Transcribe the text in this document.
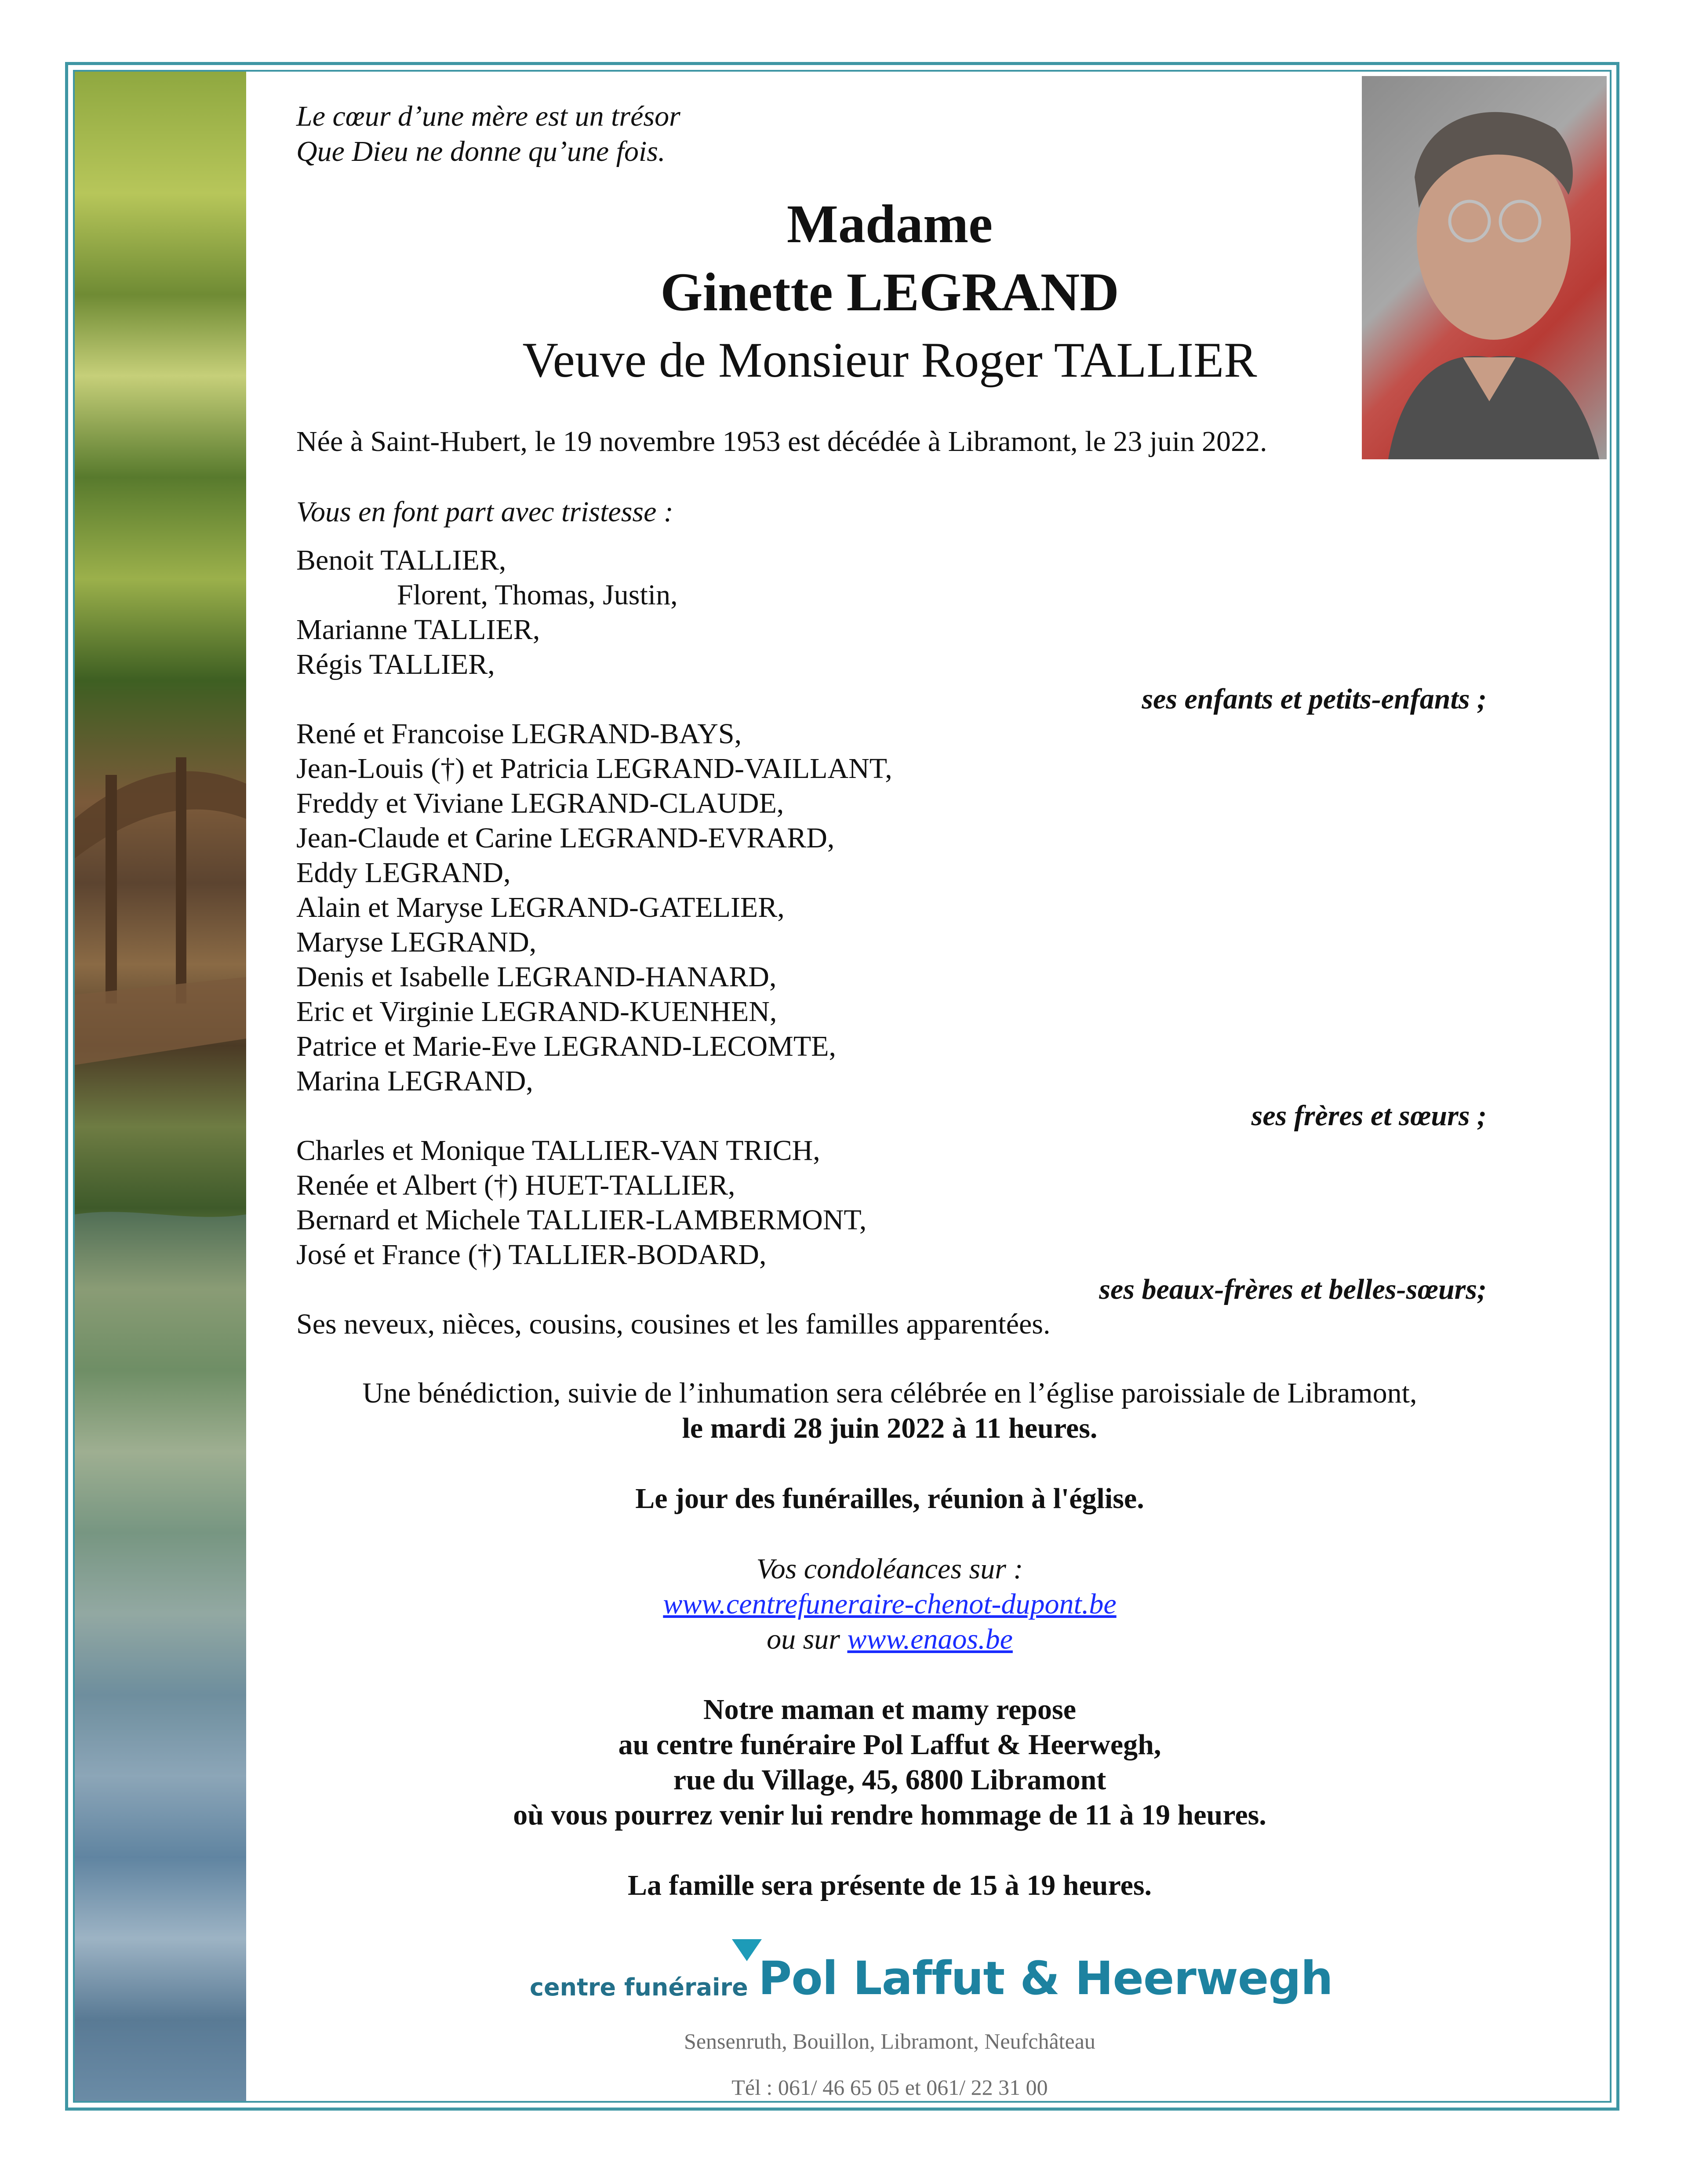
Le cœur d’une mère est un trésor
Que Dieu ne donne qu’une fois.
Madame
Ginette LEGRAND
Veuve de Monsieur Roger TALLIER
Née à Saint-Hubert, le 19 novembre 1953 est décédée à Libramont, le 23 juin 2022.
Vous en font part avec tristesse :
Benoit TALLIER,
Florent, Thomas, Justin,
Marianne TALLIER,
Régis TALLIER,
ses enfants et petits-enfants ;
René et Francoise LEGRAND-BAYS,
Jean-Louis (†) et Patricia LEGRAND-VAILLANT,
Freddy et Viviane LEGRAND-CLAUDE,
Jean-Claude et Carine LEGRAND-EVRARD,
Eddy LEGRAND,
Alain et Maryse LEGRAND-GATELIER,
Maryse LEGRAND,
Denis et Isabelle LEGRAND-HANARD,
Eric et Virginie LEGRAND-KUENHEN,
Patrice et Marie-Eve LEGRAND-LECOMTE,
Marina LEGRAND,
ses frères et sœurs ;
Charles et Monique TALLIER-VAN TRICH,
Renée et Albert (†) HUET-TALLIER,
Bernard et Michele TALLIER-LAMBERMONT,
José et France (†) TALLIER-BODARD,
ses beaux-frères et belles-sœurs;
Ses neveux, nièces, cousins, cousines et les familles apparentées.
Une bénédiction, suivie de l’inhumation sera célébrée en l’église paroissiale de Libramont,
le mardi 28 juin 2022 à 11 heures.
Le jour des funérailles, réunion à l'église.
Vos condoléances sur :
www.centrefuneraire-chenot-dupont.be
ou sur www.enaos.be
Notre maman et mamy repose
au centre funéraire Pol Laffut & Heerwegh,
rue du Village, 45, 6800 Libramont
où vous pourrez venir lui rendre hommage de 11 à 19 heures.
La famille sera présente de 15 à 19 heures.
centre funéraire Pol Laffut & Heerwegh
Sensenruth, Bouillon, Libramont, Neufchâteau
Tél : 061/ 46 65 05 et 061/ 22 31 00
